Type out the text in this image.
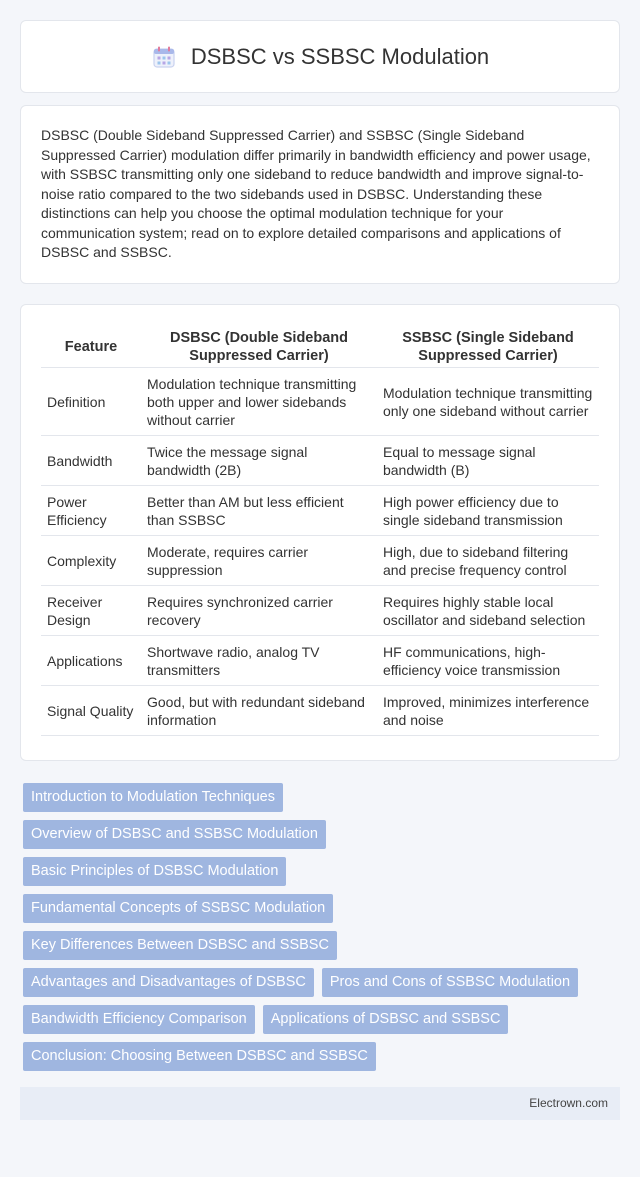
DSBSC vs SSBSC Modulation

DSBSC (Double Sideband Suppressed Carrier) and SSBSC (Single Sideband Suppressed Carrier) modulation differ primarily in bandwidth efficiency and power usage, with SSBSC transmitting only one sideband to reduce bandwidth and improve signal-to-noise ratio compared to the two sidebands used in DSBSC. Understanding these distinctions can help you choose the optimal modulation technique for your communication system; read on to explore detailed comparisons and applications of DSBSC and SSBSC.

Feature	DSBSC (Double Sideband Suppressed Carrier)	SSBSC (Single Sideband Suppressed Carrier)
Definition	Modulation technique transmitting both upper and lower sidebands without carrier	Modulation technique transmitting only one sideband without carrier
Bandwidth	Twice the message signal bandwidth (2B)	Equal to message signal bandwidth (B)
Power Efficiency	Better than AM but less efficient than SSBSC	High power efficiency due to single sideband transmission
Complexity	Moderate, requires carrier suppression	High, due to sideband filtering and precise frequency control
Receiver Design	Requires synchronized carrier recovery	Requires highly stable local oscillator and sideband selection
Applications	Shortwave radio, analog TV transmitters	HF communications, high-efficiency voice transmission
Signal Quality	Good, but with redundant sideband information	Improved, minimizes interference and noise
Introduction to Modulation Techniques
Overview of DSBSC and SSBSC Modulation
Basic Principles of DSBSC Modulation
Fundamental Concepts of SSBSC Modulation
Key Differences Between DSBSC and SSBSC
Advantages and Disadvantages of DSBSC	Pros and Cons of SSBSC Modulation
Bandwidth Efficiency Comparison	Applications of DSBSC and SSBSC
Conclusion: Choosing Between DSBSC and SSBSC
Electrown.com
